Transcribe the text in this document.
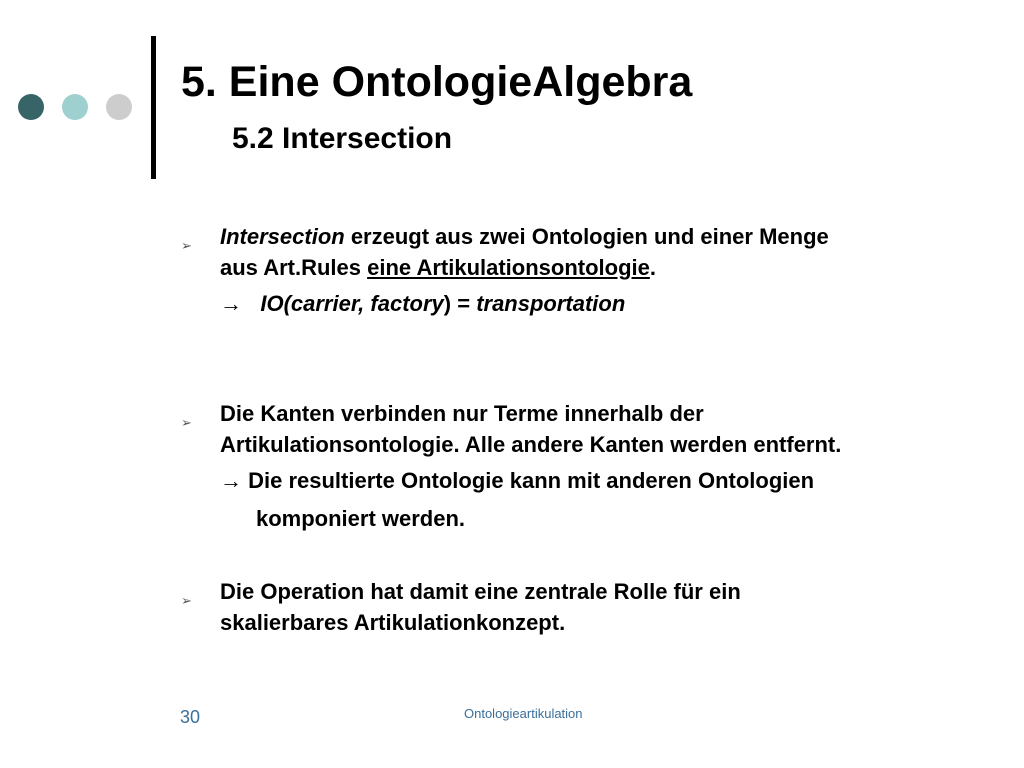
5. Eine OntologieAlgebra
5.2 Intersection
➢ Intersection erzeugt aus zwei Ontologien und einer Menge
aus Art.Rules eine Artikulationsontologie.
→ IO(carrier, factory) = transportation
➢ Die Kanten verbinden nur Terme innerhalb der
Artikulationsontologie. Alle andere Kanten werden entfernt.
→ Die resultierte Ontologie kann mit anderen Ontologien
komponiert werden.
➢ Die Operation hat damit eine zentrale Rolle für ein
skalierbares Artikulationkonzept.
30	Ontologieartikulation
